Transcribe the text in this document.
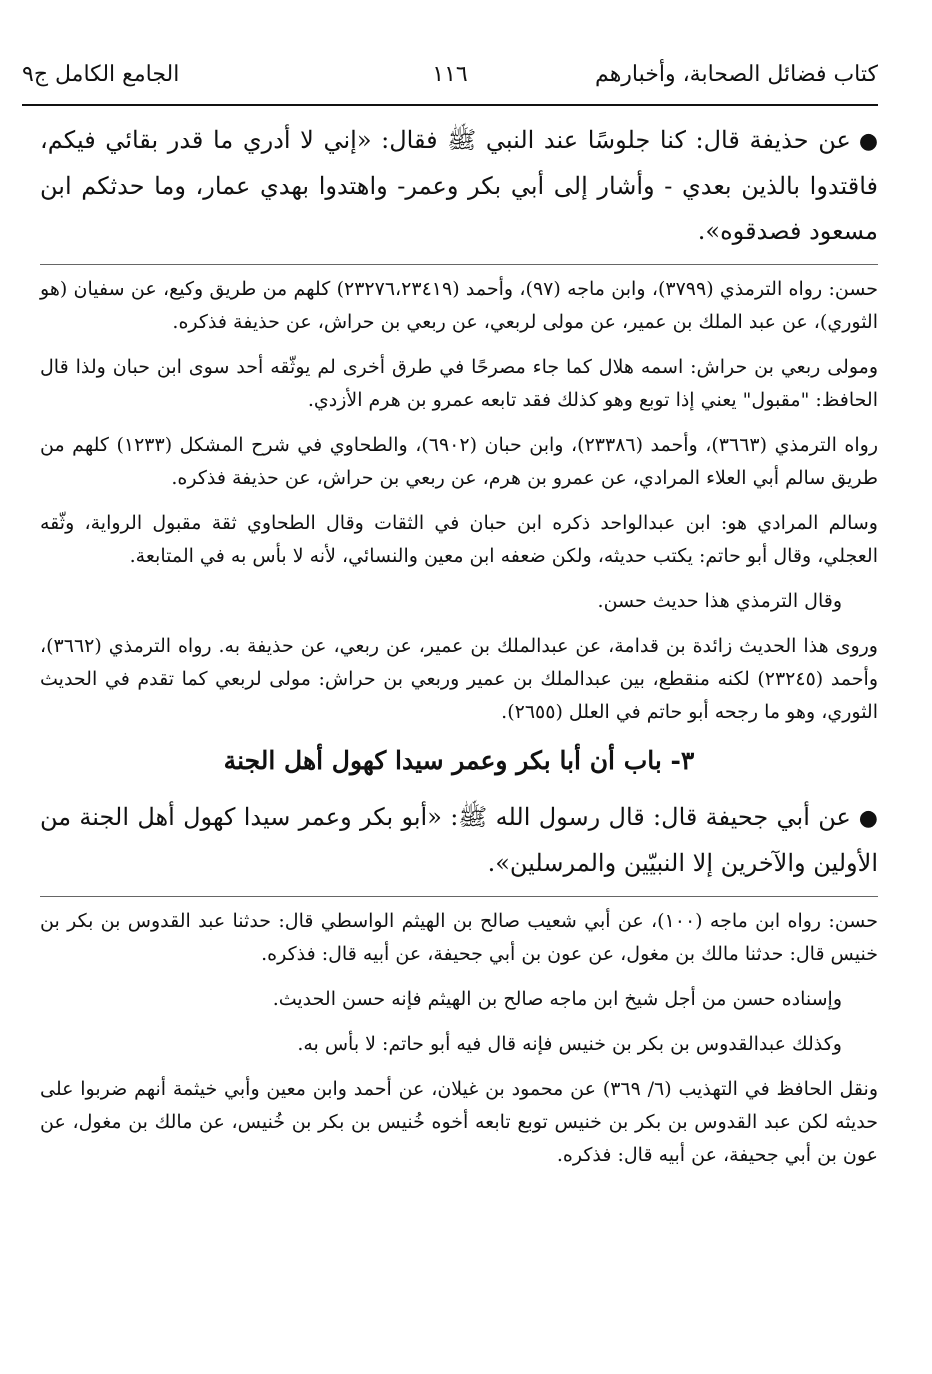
كتاب فضائل الصحابة، وأخبارهم
١١٦
الجامع الكامل ج٩

●عن حذيفة قال: كنا جلوسًا عند النبي ﷺ فقال: «إني لا أدري ما قدر بقائي فيكم، فاقتدوا بالذين بعدي - وأشار إلى أبي بكر وعمر- واهتدوا بهدي عمار، وما حدثكم ابن مسعود فصدقوه».

حسن: رواه الترمذي (٣٧٩٩)، وابن ماجه (٩٧)، وأحمد (٢٣٢٧٦،٢٣٤١٩) كلهم من طريق وكيع، عن سفيان (هو الثوري)، عن عبد الملك بن عمير، عن مولى لربعي، عن ربعي بن حراش، عن حذيفة فذكره.

ومولى ربعي بن حراش: اسمه هلال كما جاء مصرحًا في طرق أخرى لم يوثّقه أحد سوى ابن حبان ولذا قال الحافظ: "مقبول" يعني إذا توبع وهو كذلك فقد تابعه عمرو بن هرم الأزدي.

رواه الترمذي (٣٦٦٣)، وأحمد (٢٣٣٨٦)، وابن حبان (٦٩٠٢)، والطحاوي في شرح المشكل (١٢٣٣) كلهم من طريق سالم أبي العلاء المرادي، عن عمرو بن هرم، عن ربعي بن حراش، عن حذيفة فذكره.

وسالم المرادي هو: ابن عبدالواحد ذكره ابن حبان في الثقات وقال الطحاوي ثقة مقبول الرواية، وثّقه العجلي، وقال أبو حاتم: يكتب حديثه، ولكن ضعفه ابن معين والنسائي، لأنه لا بأس به في المتابعة.

وقال الترمذي هذا حديث حسن.

وروى هذا الحديث زائدة بن قدامة، عن عبدالملك بن عمير، عن ربعي، عن حذيفة به. رواه الترمذي (٣٦٦٢)، وأحمد (٢٣٢٤٥) لكنه منقطع، بين عبدالملك بن عمير وربعي بن حراش: مولى لربعي كما تقدم في الحديث الثوري، وهو ما رجحه أبو حاتم في العلل (٢٦٥٥).

٣- باب أن أبا بكر وعمر سيدا كهول أهل الجنة

●عن أبي جحيفة قال: قال رسول الله ﷺ: «أبو بكر وعمر سيدا كهول أهل الجنة من الأولين والآخرين إلا النبيّين والمرسلين».

حسن: رواه ابن ماجه (١٠٠)، عن أبي شعيب صالح بن الهيثم الواسطي قال: حدثنا عبد القدوس بن بكر بن خنيس قال: حدثنا مالك بن مغول، عن عون بن أبي جحيفة، عن أبيه قال: فذكره.

وإسناده حسن من أجل شيخ ابن ماجه صالح بن الهيثم فإنه حسن الحديث.

وكذلك عبدالقدوس بن بكر بن خنيس فإنه قال فيه أبو حاتم: لا بأس به.

ونقل الحافظ في التهذيب (٦/ ٣٦٩) عن محمود بن غيلان، عن أحمد وابن معين وأبي خيثمة أنهم ضربوا على حديثه لكن عبد القدوس بن بكر بن خنيس توبع تابعه أخوه خُنيس بن بكر بن خُنيس، عن مالك بن مغول، عن عون بن أبي جحيفة، عن أبيه قال: فذكره.
